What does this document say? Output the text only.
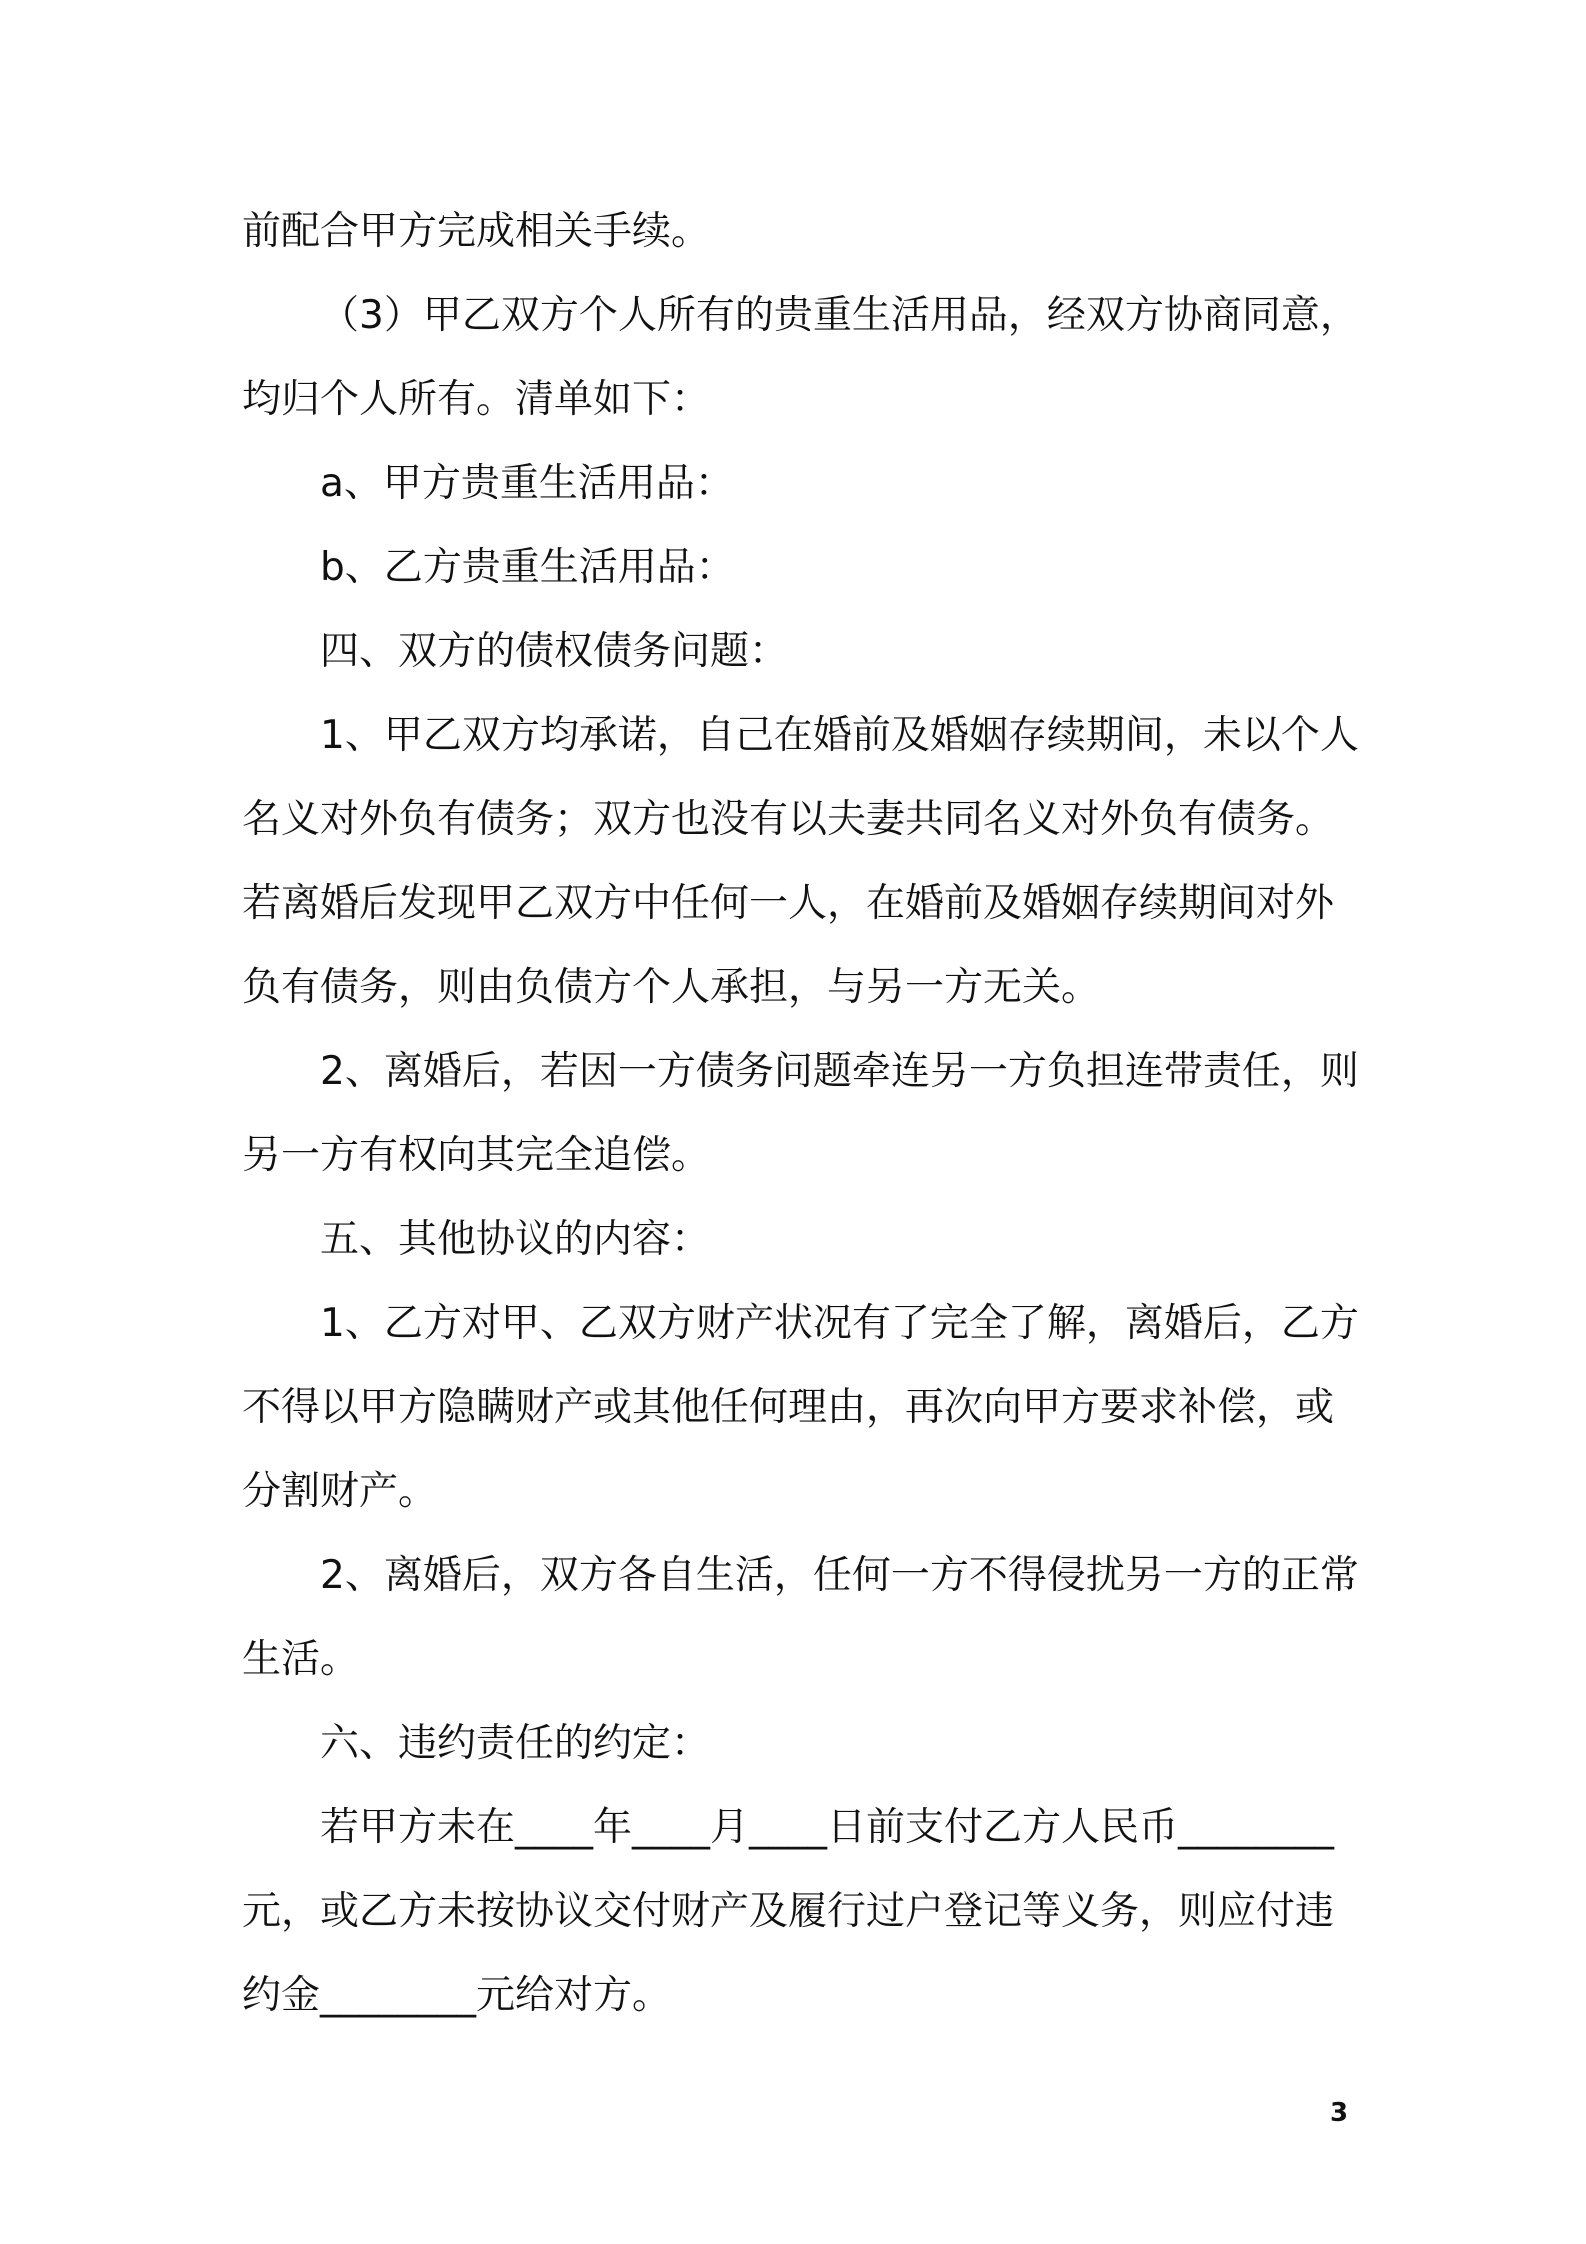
前配合甲方完成相关手续。

（3）甲乙双方个人所有的贵重生活用品，经双方协商同意，均归个人所有。清单如下：

a、甲方贵重生活用品：

b、乙方贵重生活用品：

四、双方的债权债务问题：

1、甲乙双方均承诺，自己在婚前及婚姻存续期间，未以个人名义对外负有债务；双方也没有以夫妻共同名义对外负有债务。若离婚后发现甲乙双方中任何一人，在婚前及婚姻存续期间对外负有债务，则由负债方个人承担，与另一方无关。

2、离婚后，若因一方债务问题牵连另一方负担连带责任，则另一方有权向其完全追偿。

五、其他协议的内容：

1、乙方对甲、乙双方财产状况有了完全了解，离婚后，乙方不得以甲方隐瞒财产或其他任何理由，再次向甲方要求补偿，或分割财产。

2、离婚后，双方各自生活，任何一方不得侵扰另一方的正常生活。

六、违约责任的约定：

若甲方未在____年____月____日前支付乙方人民币________元，或乙方未按协议交付财产及履行过户登记等义务，则应付违约金________元给对方。

3
